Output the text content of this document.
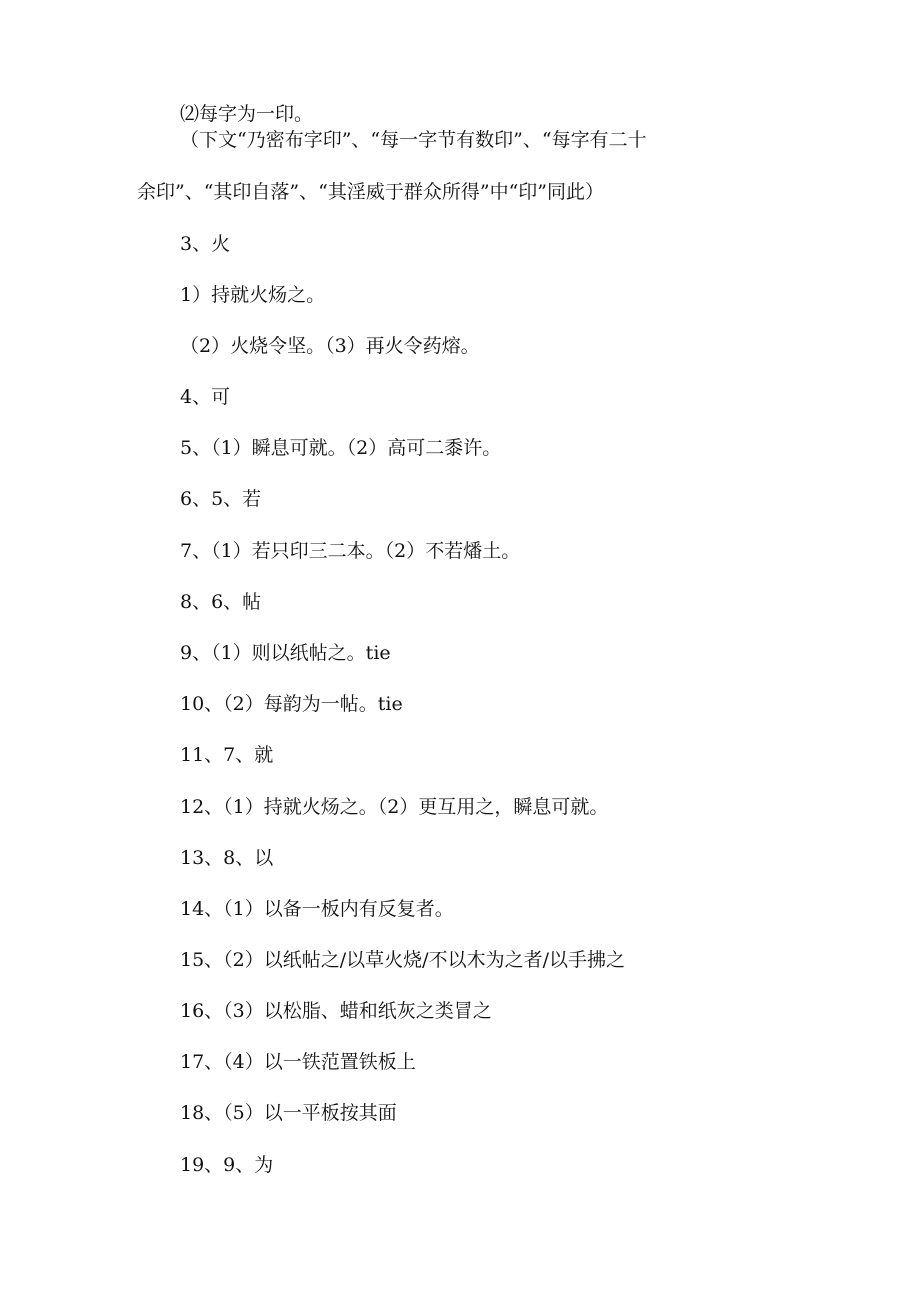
⑵每字为一印。

（下文“乃密布字印”、“每一字节有数印”、“每字有二十

余印”、“其印自落”、“其淫威于群众所得”中“印”同此）

3、火

1）持就火炀之。

（2）火烧令坚。（3）再火令药熔。

4、可

5、（1）瞬息可就。（2）高可二黍许。

6、5、若

7、（1）若只印三二本。（2）不若燔土。

8、6、帖

9、（1）则以纸帖之。tie

10、（2）每韵为一帖。tie

11、7、就

12、（1）持就火炀之。（2）更互用之，瞬息可就。

13、8、以

14、（1）以备一板内有反复者。

15、（2）以纸帖之/以草火烧/不以木为之者/以手拂之

16、（3）以松脂、蜡和纸灰之类冒之

17、（4）以一铁范置铁板上

18、（5）以一平板按其面

19、9、为
